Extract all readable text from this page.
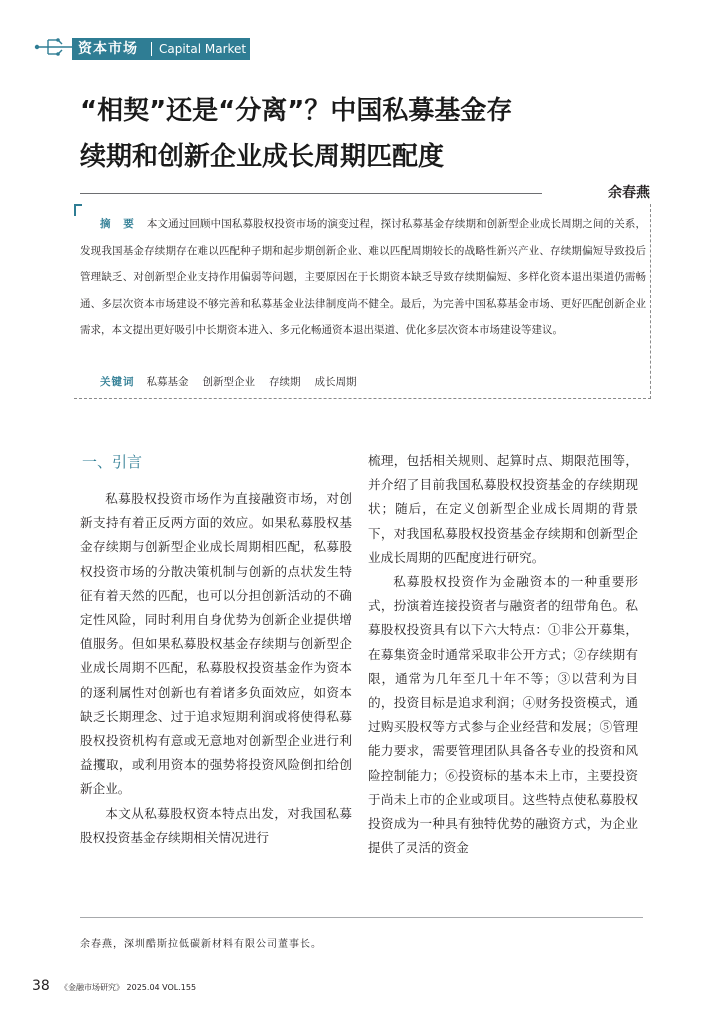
资本市场 Capital Market
“相契”还是“分离”？中国私募基金存
续期和创新企业成长周期匹配度
余春燕
摘　要 本文通过回顾中国私募股权投资市场的演变过程，探讨私募基金存续期和创新型企业成长周期之间的关系，发现我国基金存续期存在难以匹配种子期和起步期创新企业、难以匹配周期较长的战略性新兴产业、存续期偏短导致投后管理缺乏、对创新型企业支持作用偏弱等问题，主要原因在于长期资本缺乏导致存续期偏短、多样化资本退出渠道仍需畅通、多层次资本市场建设不够完善和私募基金业法律制度尚不健全。最后，为完善中国私募基金市场、更好匹配创新企业需求，本文提出更好吸引中长期资本进入、多元化畅通资本退出渠道、优化多层次资本市场建设等建议。
关键词 私募基金 创新型企业 存续期 成长周期
一、引言

私募股权投资市场作为直接融资市场，对创新支持有着正反两方面的效应。如果私募股权基金存续期与创新型企业成长周期相匹配，私募股权投资市场的分散决策机制与创新的点状发生特征有着天然的匹配，也可以分担创新活动的不确定性风险，同时利用自身优势为创新企业提供增值服务。但如果私募股权基金存续期与创新型企业成长周期不匹配，私募股权投资基金作为资本的逐利属性对创新也有着诸多负面效应，如资本缺乏长期理念、过于追求短期利润或将使得私募股权投资机构有意或无意地对创新型企业进行利益攫取，或利用资本的强势将投资风险倒扣给创新企业。

本文从私募股权资本特点出发，对我国私募股权投资基金存续期相关情况进行

梳理，包括相关规则、起算时点、期限范围等，并介绍了目前我国私募股权投资基金的存续期现状；随后，在定义创新型企业成长周期的背景下，对我国私募股权投资基金存续期和创新型企业成长周期的匹配度进行研究。

私募股权投资作为金融资本的一种重要形式，扮演着连接投资者与融资者的纽带角色。私募股权投资具有以下六大特点：①非公开募集，在募集资金时通常采取非公开方式；②存续期有限，通常为几年至几十年不等；③以营利为目的，投资目标是追求利润；④财务投资模式，通过购买股权等方式参与企业经营和发展；⑤管理能力要求，需要管理团队具备各专业的投资和风险控制能力；⑥投资标的基本未上市，主要投资于尚未上市的企业或项目。这些特点使私募股权投资成为一种具有独特优势的融资方式，为企业提供了灵活的资金

余春燕，深圳酷斯拉低碳新材料有限公司董事长。
38 《金融市场研究》 2025.04 VOL.155
